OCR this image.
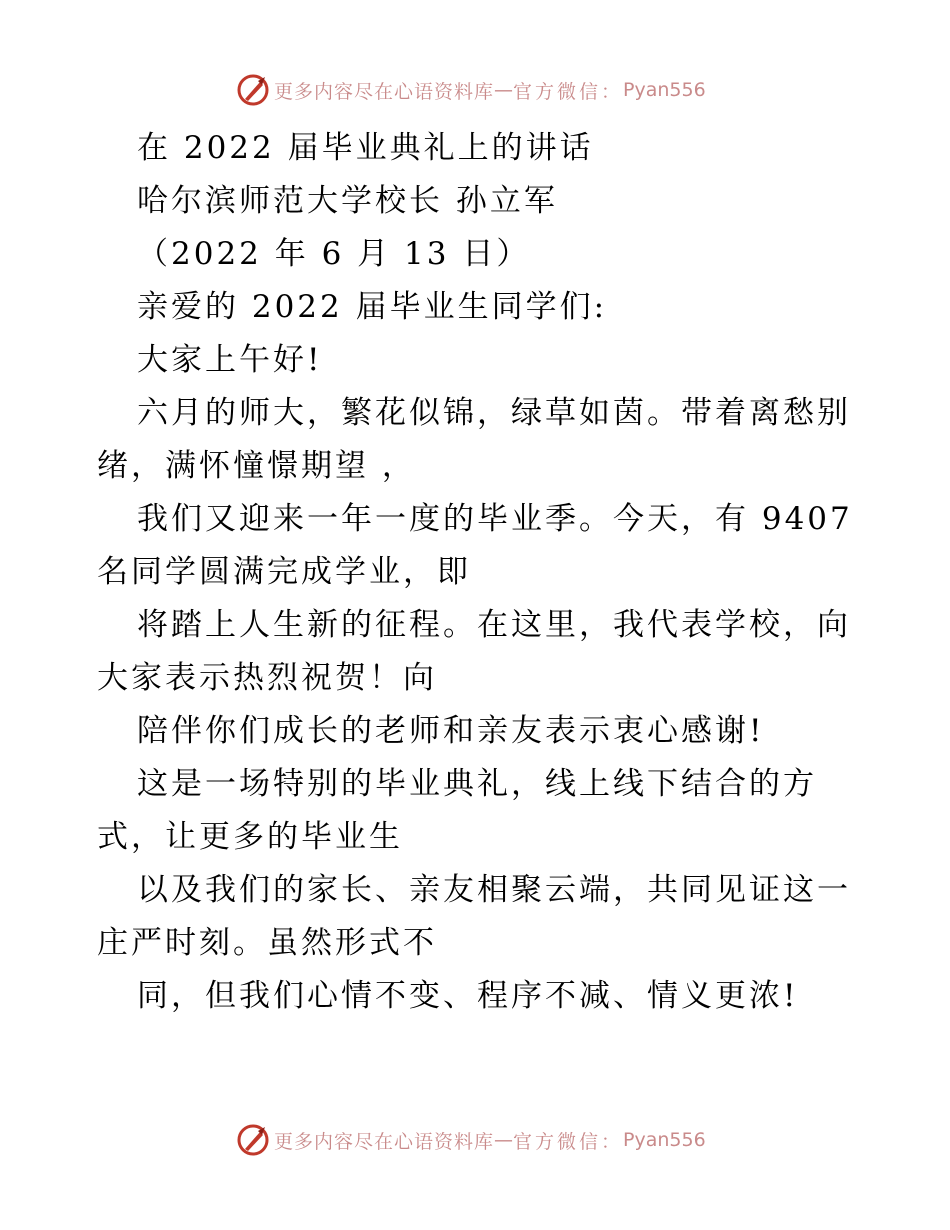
更多内容尽在心语资料库 — 官方微信： Pyan556
在 2022 届毕业典礼上的讲话
哈尔滨师范大学校长 孙立军
（2022 年 6 月 13 日）
亲爱的 2022 届毕业生同学们:
大家上午好!
六月的师大，繁花似锦，绿草如茵。带着离愁别
绪，满怀憧憬期望 ，
我们又迎来一年一度的毕业季。今天，有 9407
名同学圆满完成学业，即
将踏上人生新的征程。在这里，我代表学校，向
大家表示热烈祝贺！向
陪伴你们成长的老师和亲友表示衷心感谢!
这是一场特别的毕业典礼，线上线下结合的方
式，让更多的毕业生
以及我们的家长、亲友相聚云端，共同见证这一
庄严时刻。虽然形式不
同，但我们心情不变、程序不减、情义更浓!
更多内容尽在心语资料库 — 官方微信： Pyan556
